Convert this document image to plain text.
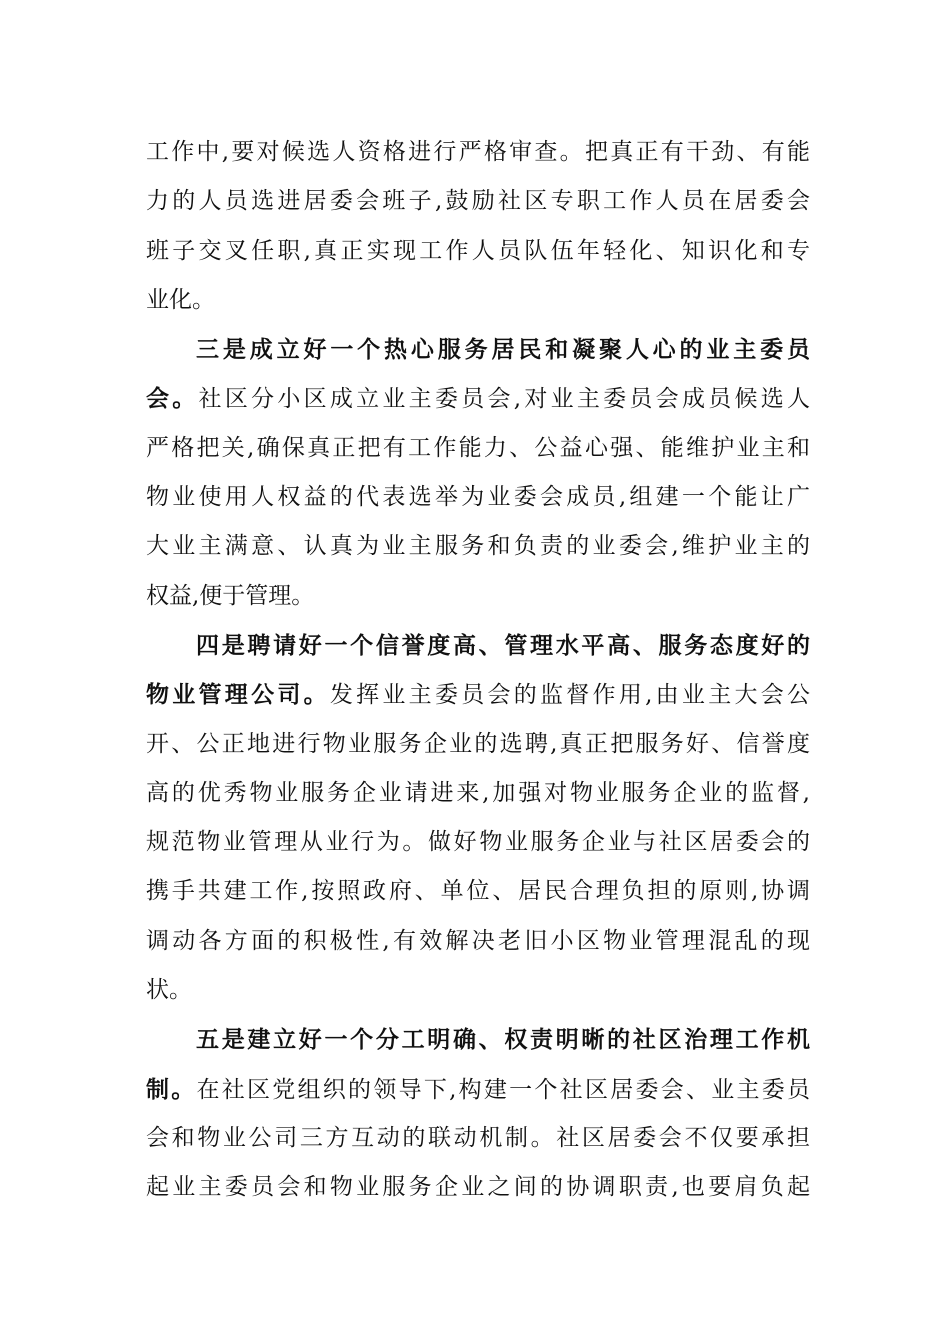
工作中,要对候选人资格进行严格审查。把真正有干劲、有能
力的人员选进居委会班子,鼓励社区专职工作人员在居委会
班子交叉任职,真正实现工作人员队伍年轻化、知识化和专
业化。
三是成立好一个热心服务居民和凝聚人心的业主委员
会。社区分小区成立业主委员会,对业主委员会成员候选人
严格把关,确保真正把有工作能力、公益心强、能维护业主和
物业使用人权益的代表选举为业委会成员,组建一个能让广
大业主满意、认真为业主服务和负责的业委会,维护业主的
权益,便于管理。
四是聘请好一个信誉度高、管理水平高、服务态度好的
物业管理公司。发挥业主委员会的监督作用,由业主大会公
开、公正地进行物业服务企业的选聘,真正把服务好、信誉度
高的优秀物业服务企业请进来,加强对物业服务企业的监督,
规范物业管理从业行为。做好物业服务企业与社区居委会的
携手共建工作,按照政府、单位、居民合理负担的原则,协调
调动各方面的积极性,有效解决老旧小区物业管理混乱的现
状。
五是建立好一个分工明确、权责明晰的社区治理工作机
制。在社区党组织的领导下,构建一个社区居委会、业主委员
会和物业公司三方互动的联动机制。社区居委会不仅要承担
起业主委员会和物业服务企业之间的协调职责,也要肩负起
